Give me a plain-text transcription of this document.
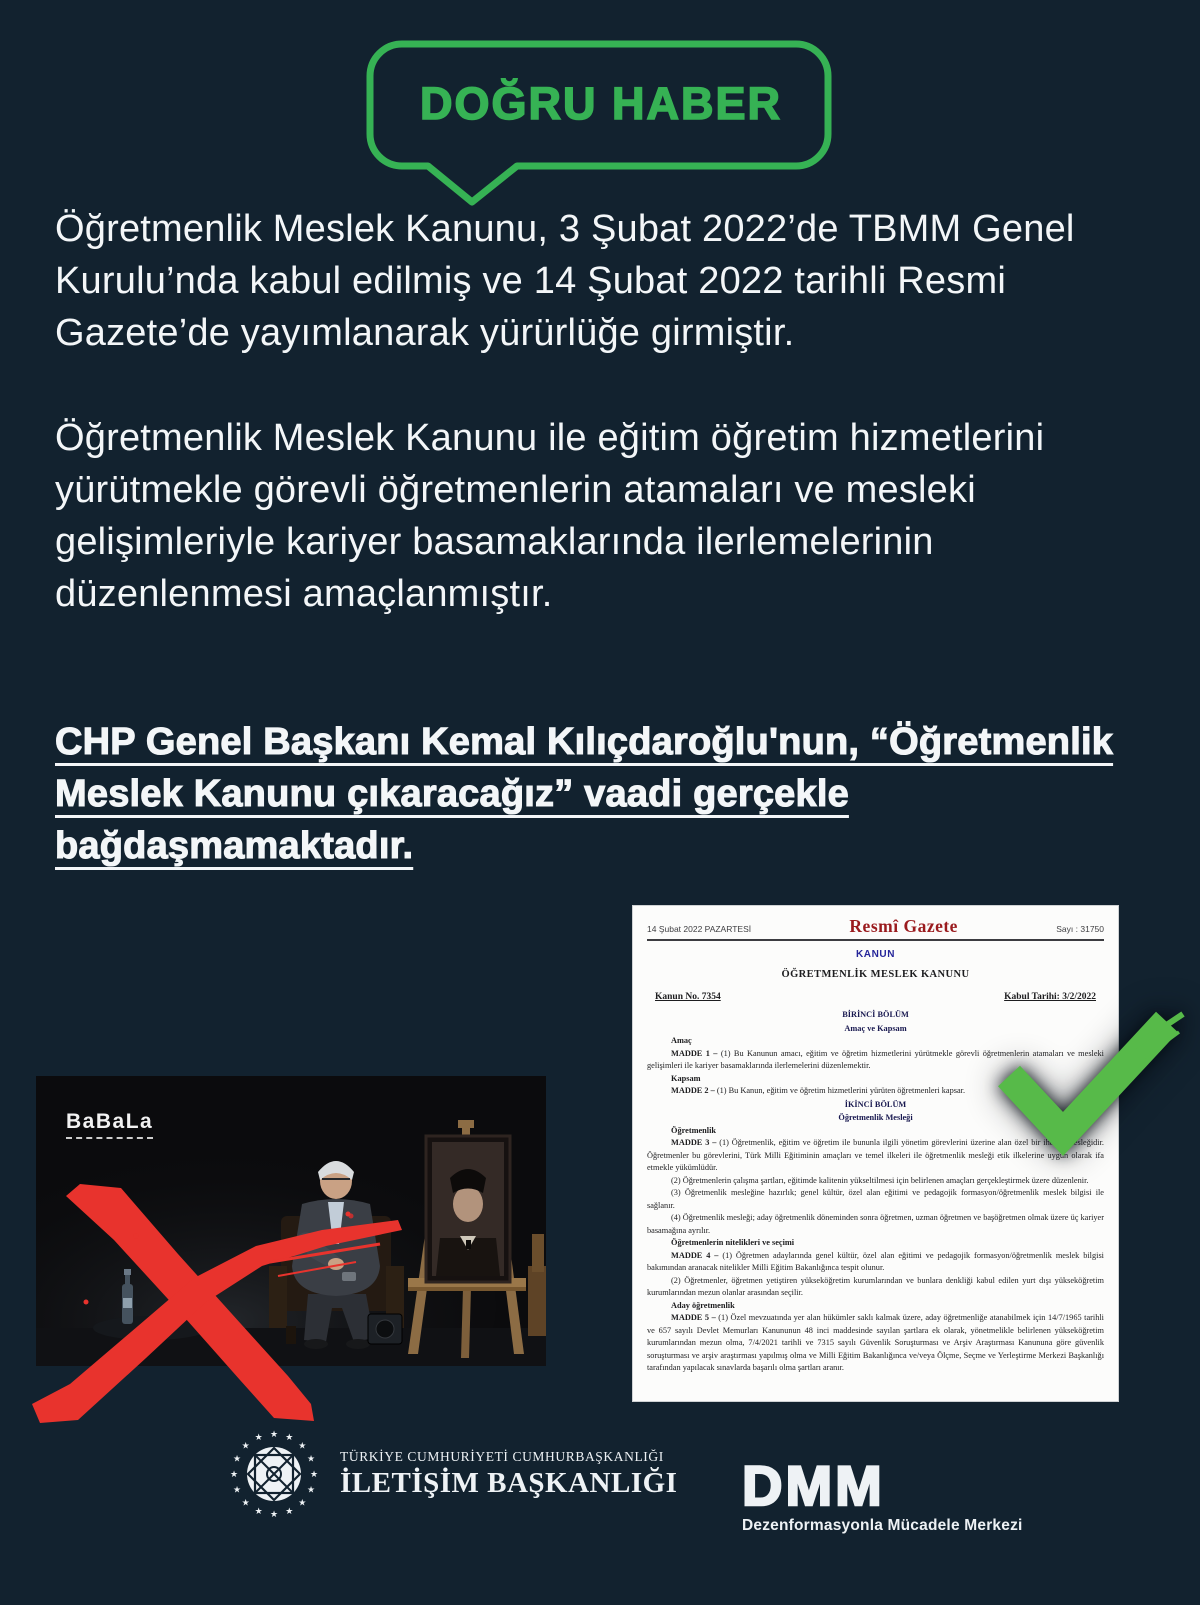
DOĞRU HABER

Öğretmenlik Meslek Kanunu, 3 Şubat 2022’de TBMM Genel Kurulu’nda kabul edilmiş ve 14 Şubat 2022 tarihli Resmi Gazete’de yayımlanarak yürürlüğe girmiştir.

Öğretmenlik Meslek Kanunu ile eğitim öğretim hizmetlerini yürütmekle görevli öğretmenlerin atamaları ve mesleki gelişimleriyle kariyer basamaklarında ilerlemelerinin düzenlenmesi amaçlanmıştır.

CHP Genel Başkanı Kemal Kılıçdaroğlu'nun, “Öğretmenlik Meslek Kanunu çıkaracağız” vaadi gerçekle bağdaşmamaktadır.

BaBaLa
14 Şubat 2022 PAZARTESİ	Resmî Gazete	Sayı : 31750
KANUN
ÖĞRETMENLİK MESLEK KANUNU
Kanun No. 7354	Kabul Tarihi: 3/2/2022

BİRİNCİ BÖLÜM

Amaç ve Kapsam

Amaç

MADDE 1 – (1) Bu Kanunun amacı, eğitim ve öğretim hizmetlerini yürütmekle görevli öğretmenlerin atamaları ve mesleki gelişimleri ile kariyer basamaklarında ilerlemelerini düzenlemektir.

Kapsam

MADDE 2 – (1) Bu Kanun, eğitim ve öğretim hizmetlerini yürüten öğretmenleri kapsar.

İKİNCİ BÖLÜM

Öğretmenlik Mesleği

Öğretmenlik

MADDE 3 – (1) Öğretmenlik, eğitim ve öğretim ile bununla ilgili yönetim görevlerini üzerine alan özel bir ihtisas mesleğidir. Öğretmenler bu görevlerini, Türk Milli Eğitiminin amaçları ve temel ilkeleri ile öğretmenlik mesleği etik ilkelerine uygun olarak ifa etmekle yükümlüdür.

(2) Öğretmenlerin çalışma şartları, eğitimde kalitenin yükseltilmesi için belirlenen amaçları gerçekleştirmek üzere düzenlenir.

(3) Öğretmenlik mesleğine hazırlık; genel kültür, özel alan eğitimi ve pedagojik formasyon/öğretmenlik meslek bilgisi ile sağlanır.

(4) Öğretmenlik mesleği; aday öğretmenlik döneminden sonra öğretmen, uzman öğretmen ve başöğretmen olmak üzere üç kariyer basamağına ayrılır.

Öğretmenlerin nitelikleri ve seçimi

MADDE 4 – (1) Öğretmen adaylarında genel kültür, özel alan eğitimi ve pedagojik formasyon/öğretmenlik meslek bilgisi bakımından aranacak nitelikler Milli Eğitim Bakanlığınca tespit olunur.

(2) Öğretmenler, öğretmen yetiştiren yükseköğretim kurumlarından ve bunlara denkliği kabul edilen yurt dışı yükseköğretim kurumlarından mezun olanlar arasından seçilir.

Aday öğretmenlik

MADDE 5 – (1) Özel mevzuatında yer alan hükümler saklı kalmak üzere, aday öğretmenliğe atanabilmek için 14/7/1965 tarihli ve 657 sayılı Devlet Memurları Kanununun 48 inci maddesinde sayılan şartlara ek olarak, yönetmelikle belirlenen yükseköğretim kurumlarından mezun olma, 7/4/2021 tarihli ve 7315 sayılı Güvenlik Soruşturması ve Arşiv Araştırması Kanununa göre güvenlik soruşturması ve arşiv araştırması yapılmış olma ve Milli Eğitim Bakanlığınca ve/veya Ölçme, Seçme ve Yerleştirme Merkezi Başkanlığı tarafından yapılacak sınavlarda başarılı olma şartları aranır.

★
★
★
★
★
★
★
★
★
★
★
★ ★ ★
★
★ TÜRKİYE CUMHURİYETİ CUMHURBAŞKANLIĞI
İLETİŞİM BAŞKANLIĞI DMM
Dezenformasyonla Mücadele Merkezi
